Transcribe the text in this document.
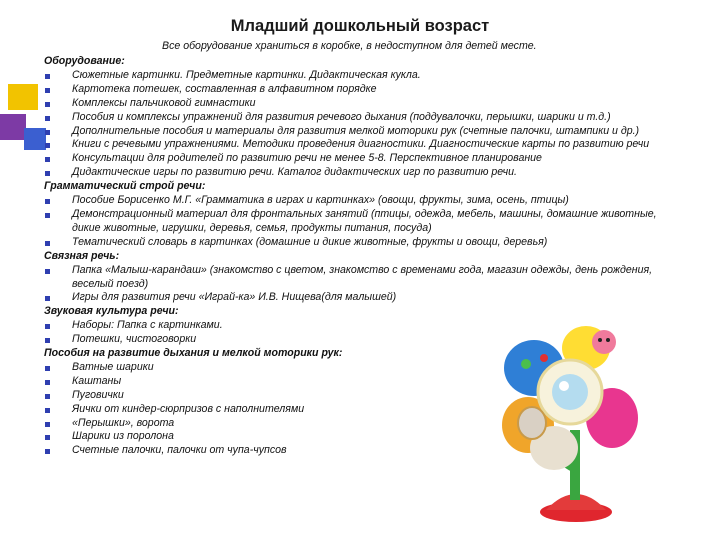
Младший дошкольный возраст
Все оборудование храниться в коробке, в недоступном для детей месте.
Оборудование:
Сюжетные картинки. Предметные картинки. Дидактическая кукла.
Картотека потешек, составленная в алфавитном порядке
Комплексы пальчиковой гимнастики
Пособия и комплексы упражнений для развития речевого дыхания (поддувалочки, перышки, шарики и т.д.)
Дополнительные пособия и материалы для развития мелкой моторики рук (счетные палочки, штампики и др.)
Книги с речевыми упражнениями. Методики проведения диагностики. Диагностические карты по развитию речи
Консультации для родителей по развитию речи не менее 5-8. Перспективное планирование
Дидактические игры по развитию речи. Каталог дидактических игр по развитию речи.
Грамматический строй речи:
Пособие Борисенко М.Г. «Грамматика в играх и картинках» (овощи, фрукты, зима, осень, птицы)
Демонстрационный материал для фронтальных занятий (птицы, одежда, мебель, машины, домашние животные, дикие животные, игрушки, деревья, семья, продукты питания, посуда)
Тематический словарь в картинках (домашние и дикие животные, фрукты и овощи, деревья)
Связная речь:
Папка «Малыш-карандаш» (знакомство с цветом, знакомство с временами года, магазин одежды, день рождения, веселый поезд)
Игры для развития речи «Играй-ка» И.В. Нищева(для малышей)
Звуковая культура речи:
Наборы: Папка с картинками.
Потешки, чистоговорки
Пособия на развитие дыхания и мелкой моторики рук:
Ватные шарики
Каштаны
Пуговички
Яички от киндер-сюрпризов с наполнителями
«Перышки», ворота
Шарики из поролона
Счетные палочки, палочки от чупа-чупсов
